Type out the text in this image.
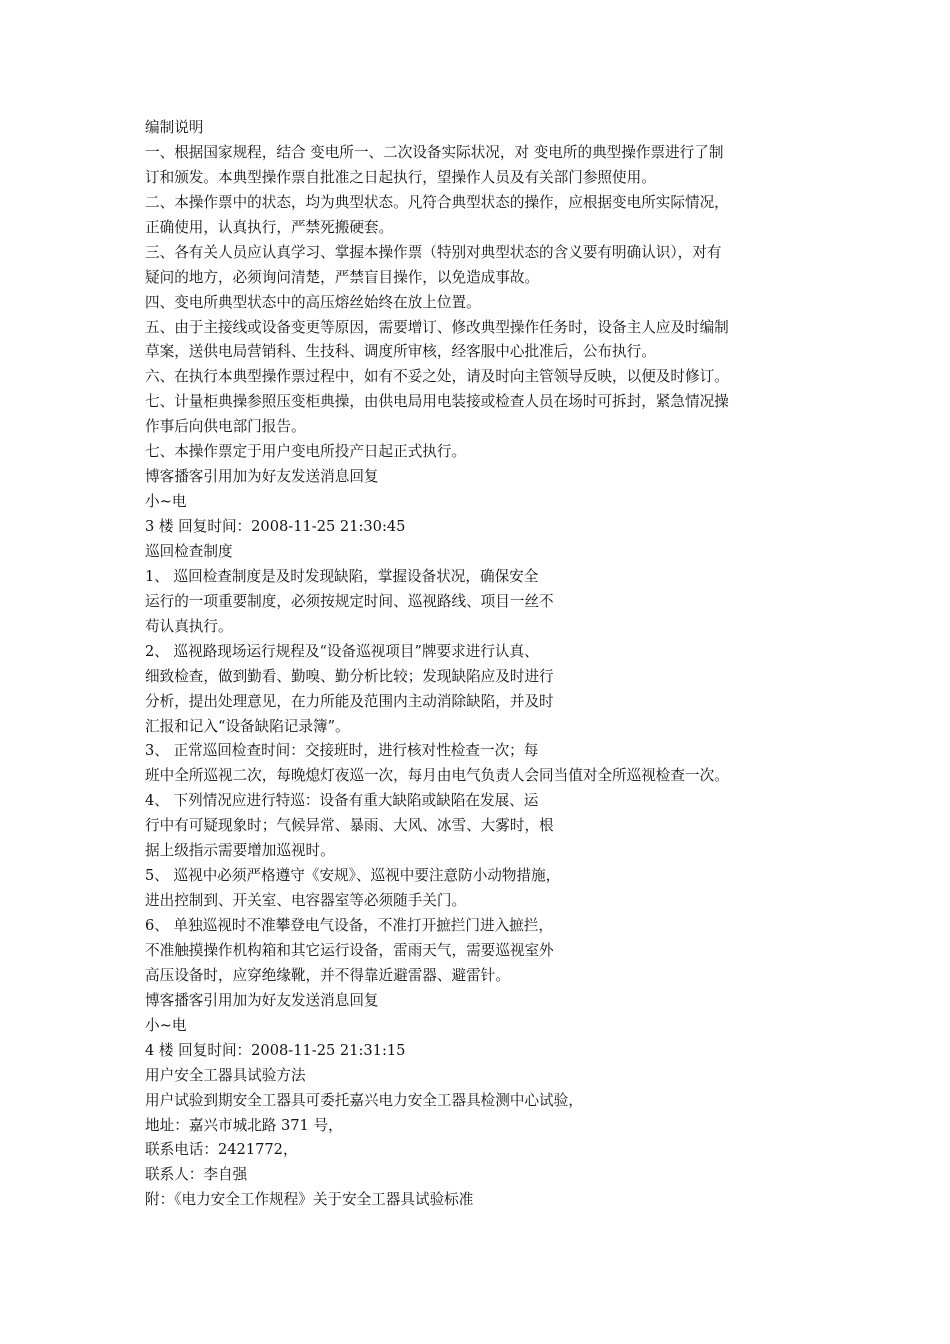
编制说明
一、根据国家规程，结合 变电所一、二次设备实际状况，对 变电所的典型操作票进行了制
订和颁发。本典型操作票自批准之日起执行，望操作人员及有关部门参照使用。
二、本操作票中的状态，均为典型状态。凡符合典型状态的操作，应根据变电所实际情况，
正确使用，认真执行，严禁死搬硬套。
三、各有关人员应认真学习、掌握本操作票（特别对典型状态的含义要有明确认识），对有
疑问的地方，必须询问清楚，严禁盲目操作，以免造成事故。
四、变电所典型状态中的高压熔丝始终在放上位置。
五、由于主接线或设备变更等原因，需要增订、修改典型操作任务时，设备主人应及时编制
草案，送供电局营销科、生技科、调度所审核，经客服中心批准后，公布执行。
六、在执行本典型操作票过程中，如有不妥之处，请及时向主管领导反映，以便及时修订。
七、计量柜典操参照压变柜典操，由供电局用电装接或检查人员在场时可拆封，紧急情况操
作事后向供电部门报告。
七、本操作票定于用户变电所投产日起正式执行。
博客播客引用加为好友发送消息回复
小~电
3 楼 回复时间：2008-11-25 21:30:45
巡回检查制度
1、 巡回检查制度是及时发现缺陷，掌握设备状况，确保安全
运行的一项重要制度，必须按规定时间、巡视路线、项目一丝不
苟认真执行。
2、 巡视路现场运行规程及“设备巡视项目”牌要求进行认真、
细致检查，做到勤看、勤嗅、勤分析比较；发现缺陷应及时进行
分析，提出处理意见，在力所能及范围内主动消除缺陷，并及时
汇报和记入“设备缺陷记录簿”。
3、 正常巡回检查时间：交接班时，进行核对性检查一次；每
班中全所巡视二次，每晚熄灯夜巡一次，每月由电气负责人会同当值对全所巡视检查一次。
4、 下列情况应进行特巡：设备有重大缺陷或缺陷在发展、运
行中有可疑现象时；气候异常、暴雨、大风、冰雪、大雾时，根
据上级指示需要增加巡视时。
5、 巡视中必须严格遵守《安规》、巡视中要注意防小动物措施，
进出控制到、开关室、电容器室等必须随手关门。
6、 单独巡视时不准攀登电气设备，不准打开摭拦门进入摭拦，
不准触摸操作机构箱和其它运行设备，雷雨天气，需要巡视室外
高压设备时，应穿绝缘靴，并不得靠近避雷器、避雷针。
博客播客引用加为好友发送消息回复
小~电
4 楼 回复时间：2008-11-25 21:31:15
用户安全工器具试验方法
用户试验到期安全工器具可委托嘉兴电力安全工器具检测中心试验，
地址：嘉兴市城北路 371 号，
联系电话：2421772，
联系人：李自强
附：《电力安全工作规程》关于安全工器具试验标准
